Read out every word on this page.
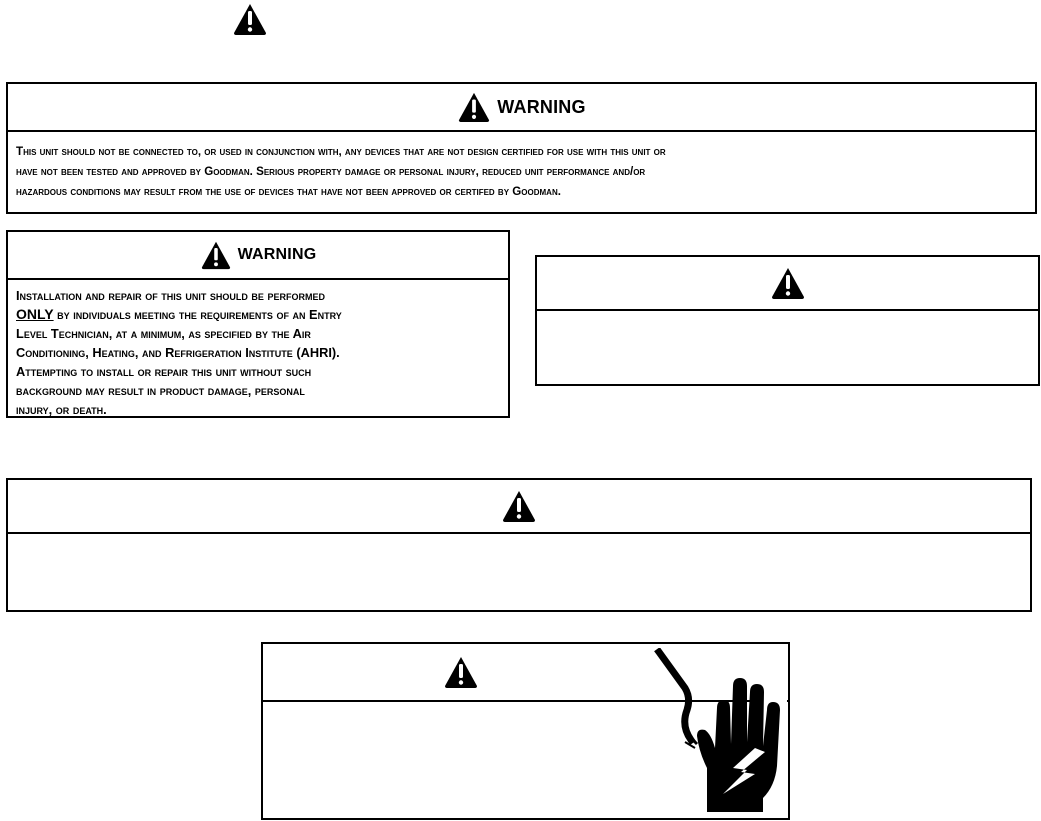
WARNING
This unit should not be connected to, or used in conjunction with, any devices that are not design certified for use with this unit or
have not been tested and approved by Goodman. Serious property damage or personal injury, reduced unit performance and/or
hazardous conditions may result from the use of devices that have not been approved or certifed by Goodman.
WARNING
Installation and repair of this unit should be performed
ONLY by individuals meeting the requirements of an Entry
Level Technician, at a minimum, as specified by the Air
Conditioning, Heating, and Refrigeration Institute (AHRI).
Attempting to install or repair this unit without such
background may result in product damage, personal
injury, or death.
